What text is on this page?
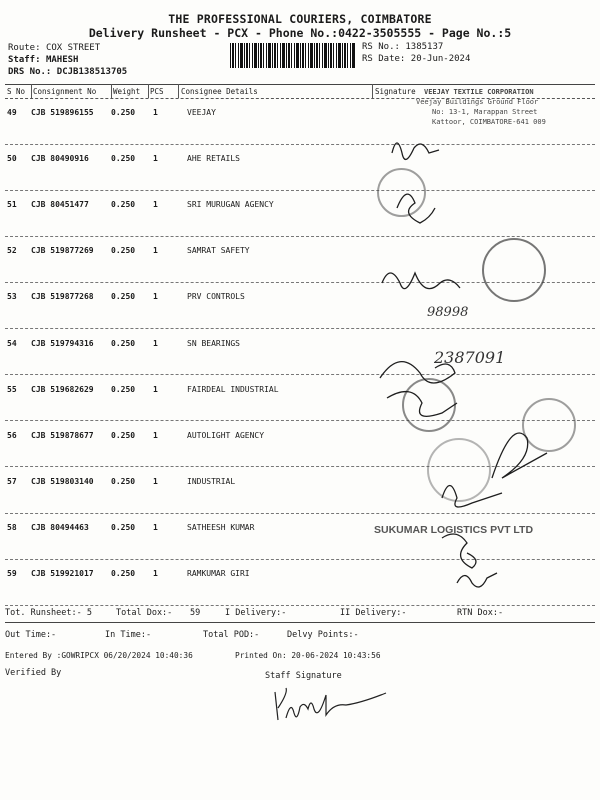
THE PROFESSIONAL COURIERS, COIMBATORE
Delivery Runsheet - PCX - Phone No.:0422-3505555 - Page No.:5
Route: COX STREET
Staff: MAHESH
DRS No.: DCJB138513705
RS No.: 1385137
RS Date: 20-Jun-2024
S No Consignment No Weight PCS Consignee Details	Signature
49 CJB 519896155 0.250 1	VEEJAY
50 CJB 80490916	0.250 1	AHE RETAILS
51 CJB 80451477	0.250 1	SRI MURUGAN AGENCY
52 CJB 519877269 0.250 1	SAMRAT SAFETY
53 CJB 519877268 0.250 1	PRV CONTROLS
54 CJB 519794316 0.250 1	SN BEARINGS
55 CJB 519682629 0.250 1	FAIRDEAL INDUSTRIAL
56 CJB 519878677 0.250 1	AUTOLIGHT AGENCY
57 CJB 519803140 0.250 1	INDUSTRIAL
58 CJB 80494463	0.250 1	SATHEESH KUMAR
59 CJB 519921017 0.250 1	RAMKUMAR GIRI
VEEJAY TEXTILE CORPORATION
Veejay Buildings Ground Floor
No: 13-1, Marappan Street
Kattoor, COIMBATORE-641 009
2387091
98998
SUKUMAR LOGISTICS PVT LTD
Tot. Runsheet:- 5	Total Dox:- 59	I Delivery:-	II Delivery:-	RTN Dox:-
Out Time:-	In Time:-	Total POD:-	Delvy Points:-
Entered By :GOWRIPCX 06/20/2024 10:40:36	Printed On: 20-06-2024 10:43:56
Verified By	Staff Signature
